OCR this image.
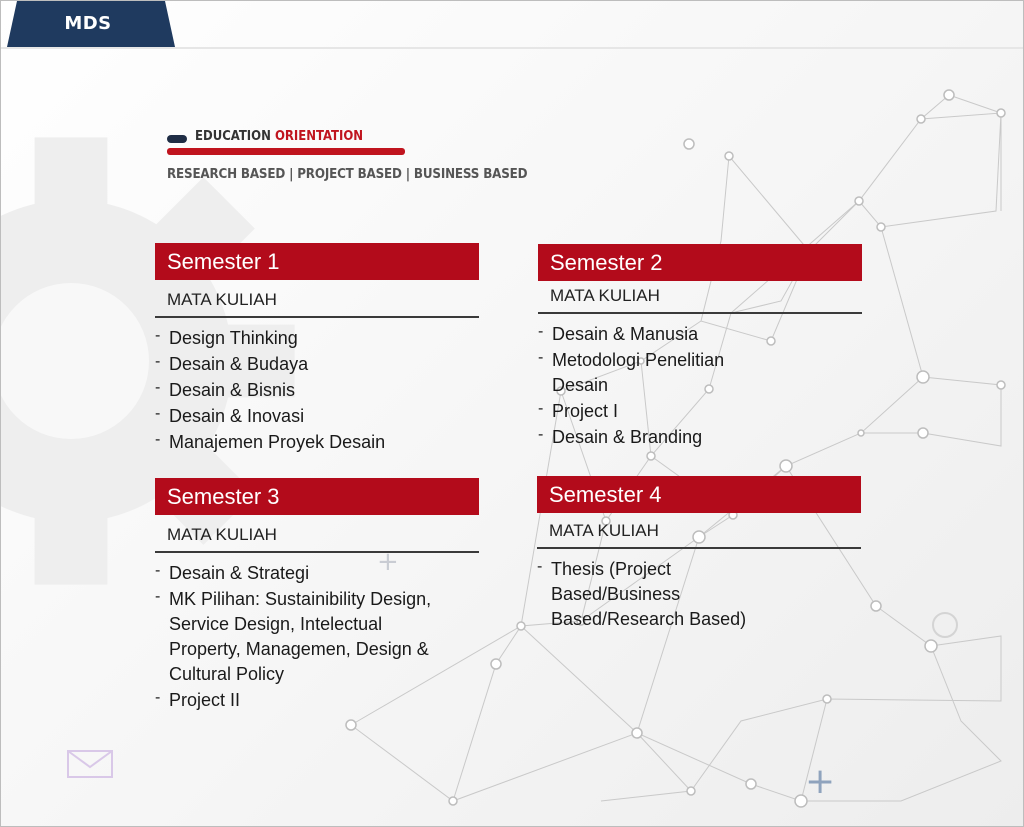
MDS
EDUCATION ORIENTATION
RESEARCH BASED | PROJECT BASED | BUSINESS BASED
Semester 1
MATA KULIAH
- Design Thinking
- Desain & Budaya
- Desain & Bisnis
- Desain & Inovasi
- Manajemen Proyek Desain
Semester 2
MATA KULIAH
- Desain & Manusia
- Metodologi Penelitian Desain
- Project I
- Desain & Branding
Semester 3
MATA KULIAH
- Desain & Strategi
- MK Pilihan: Sustainibility Design, Service Design, Intelectual Property, Managemen, Design & Cultural Policy
- Project II
Semester 4
MATA KULIAH
- Thesis (Project Based/Business Based/Research Based)
+
+
